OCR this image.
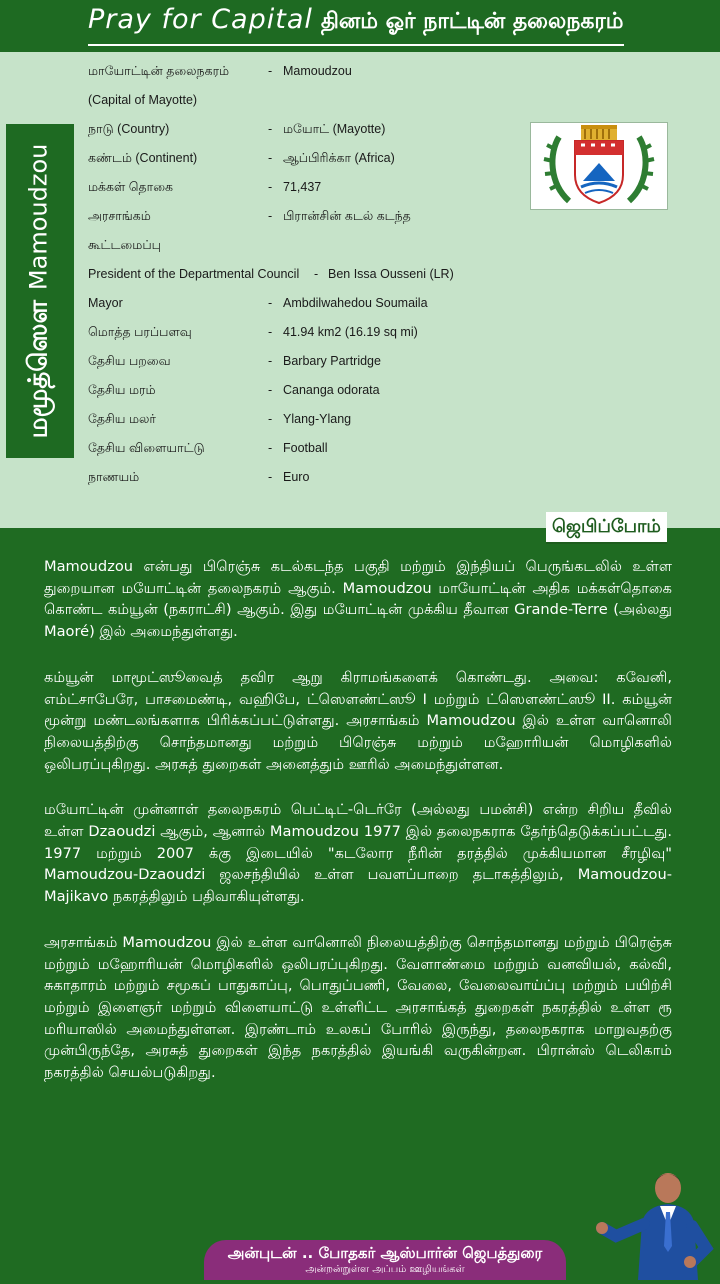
Pray for Capital தினம் ஓர் நாட்டின் தலைநகரம்
மமூத்ஸௌMamoudzou
மாயோட்டின் தலைநகரம்	- Mamoudzou
(Capital of Mayotte)
நாடு (Country)	- மயோட் (Mayotte)
கண்டம் (Continent)	- ஆப்பிரிக்கா (Africa)
மக்கள் தொகை	- 71,437
அரசாங்கம்	- பிரான்சின் கடல் கடந்த
கூட்டமைப்பு
President of the Departmental Council - Ben Issa Ousseni (LR)
Mayor	- Ambdilwahedou Soumaila
மொத்த பரப்பளவு	- 41.94 km2 (16.19 sq mi)
தேசிய பறவை	- Barbary Partridge
தேசிய மரம்	- Cananga odorata
தேசிய மலர்	- Ylang-Ylang
தேசிய விளையாட்டு	- Football
நாணயம்	- Euro
ஜெபிப்போம்

Mamoudzou என்பது பிரெஞ்சு கடல்கடந்த பகுதி மற்றும் இந்தியப் பெருங்கடலில் உள்ள துறையான மயோட்டின் தலைநகரம் ஆகும். Mamoudzou மாயோட்டின் அதிக மக்கள்தொகை கொண்ட கம்யூன் (நகராட்சி) ஆகும். இது மயோட்டின் முக்கிய தீவான Grande-Terre (அல்லது Maoré) இல் அமைந்துள்ளது.

கம்யூன் மாமூட்ஸூவைத் தவிர ஆறு கிராமங்களைக் கொண்டது. அவை: கவேனி, எம்ட்சாபேரே, பாசமைண்டி, வஹிபே, ட்ஸௌண்ட்ஸூ I மற்றும் ட்ஸௌண்ட்ஸூ II. கம்யூன் மூன்று மண்டலங்களாக பிரிக்கப்பட்டுள்ளது. அரசாங்கம் Mamoudzou இல் உள்ள வானொலி நிலையத்திற்கு சொந்தமானது மற்றும் பிரெஞ்சு மற்றும் மஹோரியன் மொழிகளில் ஒலிபரப்புகிறது. அரசுத் துறைகள் அனைத்தும் ஊரில் அமைந்துள்ளன.

மயோட்டின் முன்னாள் தலைநகரம் பெட்டிட்-டெர்ரே (அல்லது பமன்சி) என்ற சிறிய தீவில் உள்ள Dzaoudzi ஆகும், ஆனால் Mamoudzou 1977 இல் தலைநகராக தேர்ந்தெடுக்கப்பட்டது. 1977 மற்றும் 2007 க்கு இடையில் "கடலோர நீரின் தரத்தில் முக்கியமான சீரழிவு" Mamoudzou-Dzaoudzi ஜலசந்தியில் உள்ள பவளப்பாறை தடாகத்திலும், Mamoudzou-Majikavo நகரத்திலும் பதிவாகியுள்ளது.

அரசாங்கம் Mamoudzou இல் உள்ள வானொலி நிலையத்திற்கு சொந்தமானது மற்றும் பிரெஞ்சு மற்றும் மஹோரியன் மொழிகளில் ஒலிபரப்புகிறது. வேளாண்மை மற்றும் வனவியல், கல்வி, சுகாதாரம் மற்றும் சமூகப் பாதுகாப்பு, பொதுப்பணி, வேலை, வேலைவாய்ப்பு மற்றும் பயிற்சி மற்றும் இளைஞர் மற்றும் விளையாட்டு உள்ளிட்ட அரசாங்கத் துறைகள் நகரத்தில் உள்ள ரூ மரியாஸில் அமைந்துள்ளன. இரண்டாம் உலகப் போரில் இருந்து, தலைநகராக மாறுவதற்கு முன்பிருந்தே, அரசுத் துறைகள் இந்த நகரத்தில் இயங்கி வருகின்றன. பிரான்ஸ் டெலிகாம் நகரத்தில் செயல்படுகிறது.

அன்புடன் .. போதகர் ஆஸ்பார்ன் ஜெபத்துரை
அன்றன்றுள்ள அப்பம் ஊழியங்கள்
